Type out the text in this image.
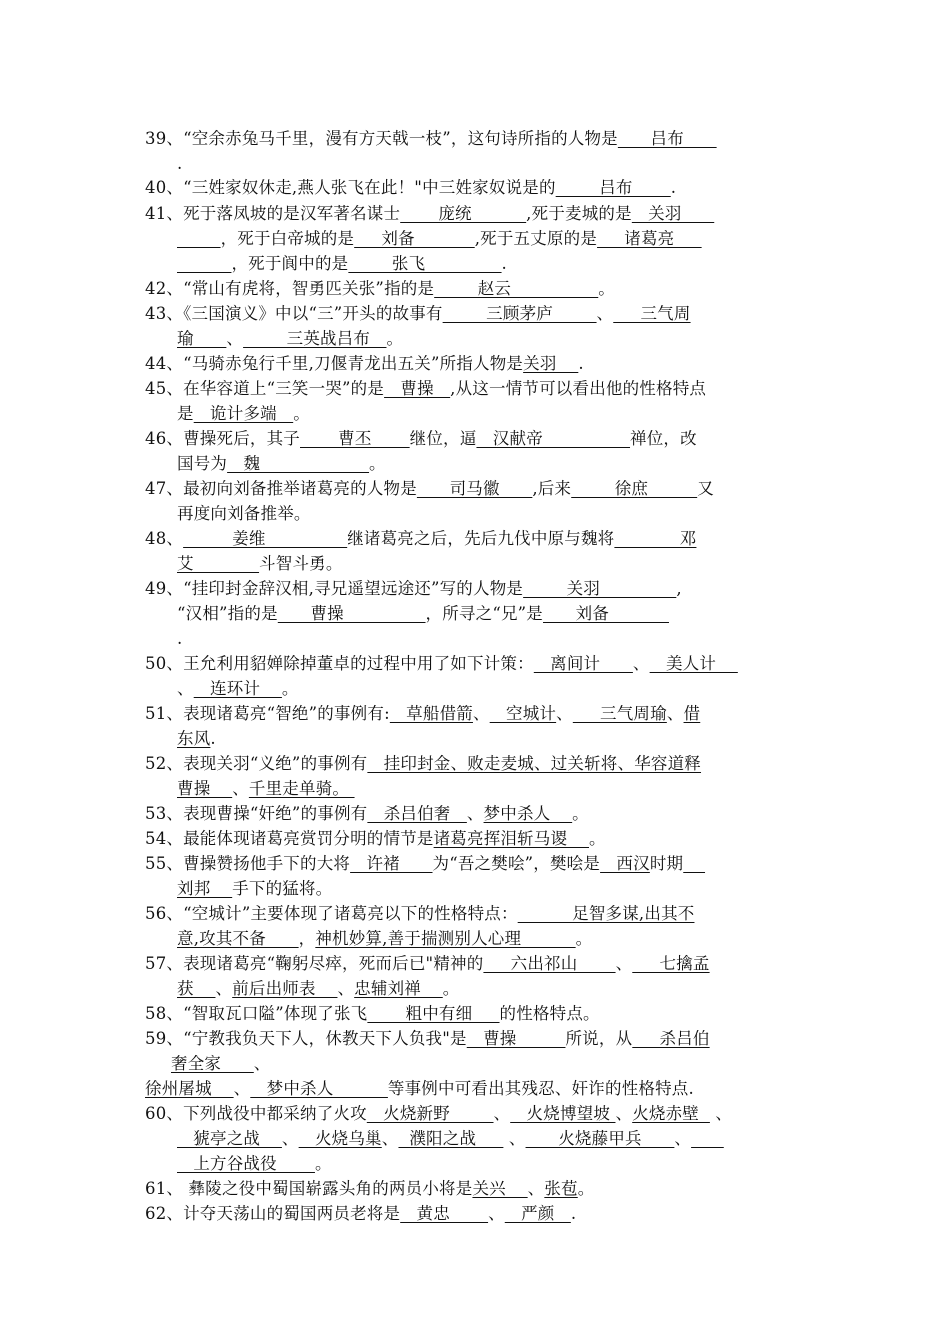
39、“空余赤兔马千里，漫有方天戟一枝”，这句诗所指的人物是      吕布
.
40、“三姓家奴休走,燕人张飞在此！"中三姓家奴说是的        吕布       .
41、死于落凤坡的是汉军著名谋士       庞统          ,死于麦城的是   关羽
，死于白帝城的是     刘备           ,死于五丈原的是     诸葛亮
，死于阆中的是        张飞              .
42、“常山有虎将，智勇匹关张”指的是        赵云                。
43、《三国演义》中以“三”开头的故事有        三顾茅庐        、     三气周
瑜      、        三英战吕布   。
44、“马骑赤兔行千里,刀偃青龙出五关”所指人物是关羽    .
45、在华容道上“三笑一哭”的是   曹操   ,从这一情节可以看出他的性格特点
是   诡计多端   。
46、曹操死后，其子       曹丕       继位，逼   汉献帝                禅位，改
国号为   魏                    。
47、最初向刘备推举诸葛亮的人物是      司马徽      ,后来        徐庶         又
再度向刘备推举。
48、         姜维               继诸葛亮之后，先后九伐中原与魏将            邓
艾            斗智斗勇。
49、“挂印封金辞汉相,寻兄遥望远途还”写的人物是        关羽              ,
“汉相”指的是      曹操               ，所寻之“兄”是      刘备
.
50、王允利用貂婵除掉董卓的过程中用了如下计策：   离间计      、   美人计
、   连环计    。
51、表现诸葛亮“智绝”的事例有:   草船借箭、   空城计、     三气周瑜、借
东风.
52、表现关羽“义绝”的事例有   挂印封金、败走麦城、过关斩将、华容道释
曹操    、千里走单骑。
53、表现曹操“奸绝”的事例有   杀吕伯奢   、梦中杀人    。
54、最能体现诸葛亮赏罚分明的情节是诸葛亮挥泪斩马谡    。
55、曹操赞扬他手下的大将   许褚      为“吾之樊哙”，樊哙是   西汉时期
刘邦    手下的猛将。
56、“空城计”主要体现了诸葛亮以下的性格特点：          足智多谋,出其不
意,攻其不备      ，神机妙算,善于揣测别人心理          。
57、表现诸葛亮“鞠躬尽瘁，死而后已"精神的     六出祁山       、     七擒孟
获    、前后出师表    、忠辅刘禅    。
58、“智取瓦口隘”体现了张飞       粗中有细     的性格特点。
59、“宁教我负天下人，休教天下人负我"是   曹操         所说，从     杀吕伯
奢全家      、
徐州屠城    、   梦中杀人          等事例中可看出其残忍、奸诈的性格特点.
60、下列战役中都采纳了火攻   火烧新野        、   火烧博望坡 、火烧赤壁   、
猇亭之战    、   火烧乌巢、  濮阳之战      、      火烧藤甲兵      、
上方谷战役       。
61、 彝陵之役中蜀国崭露头角的两员小将是关兴    、张苞。
62、计夺天荡山的蜀国两员老将是   黄忠       、   严颜   .
